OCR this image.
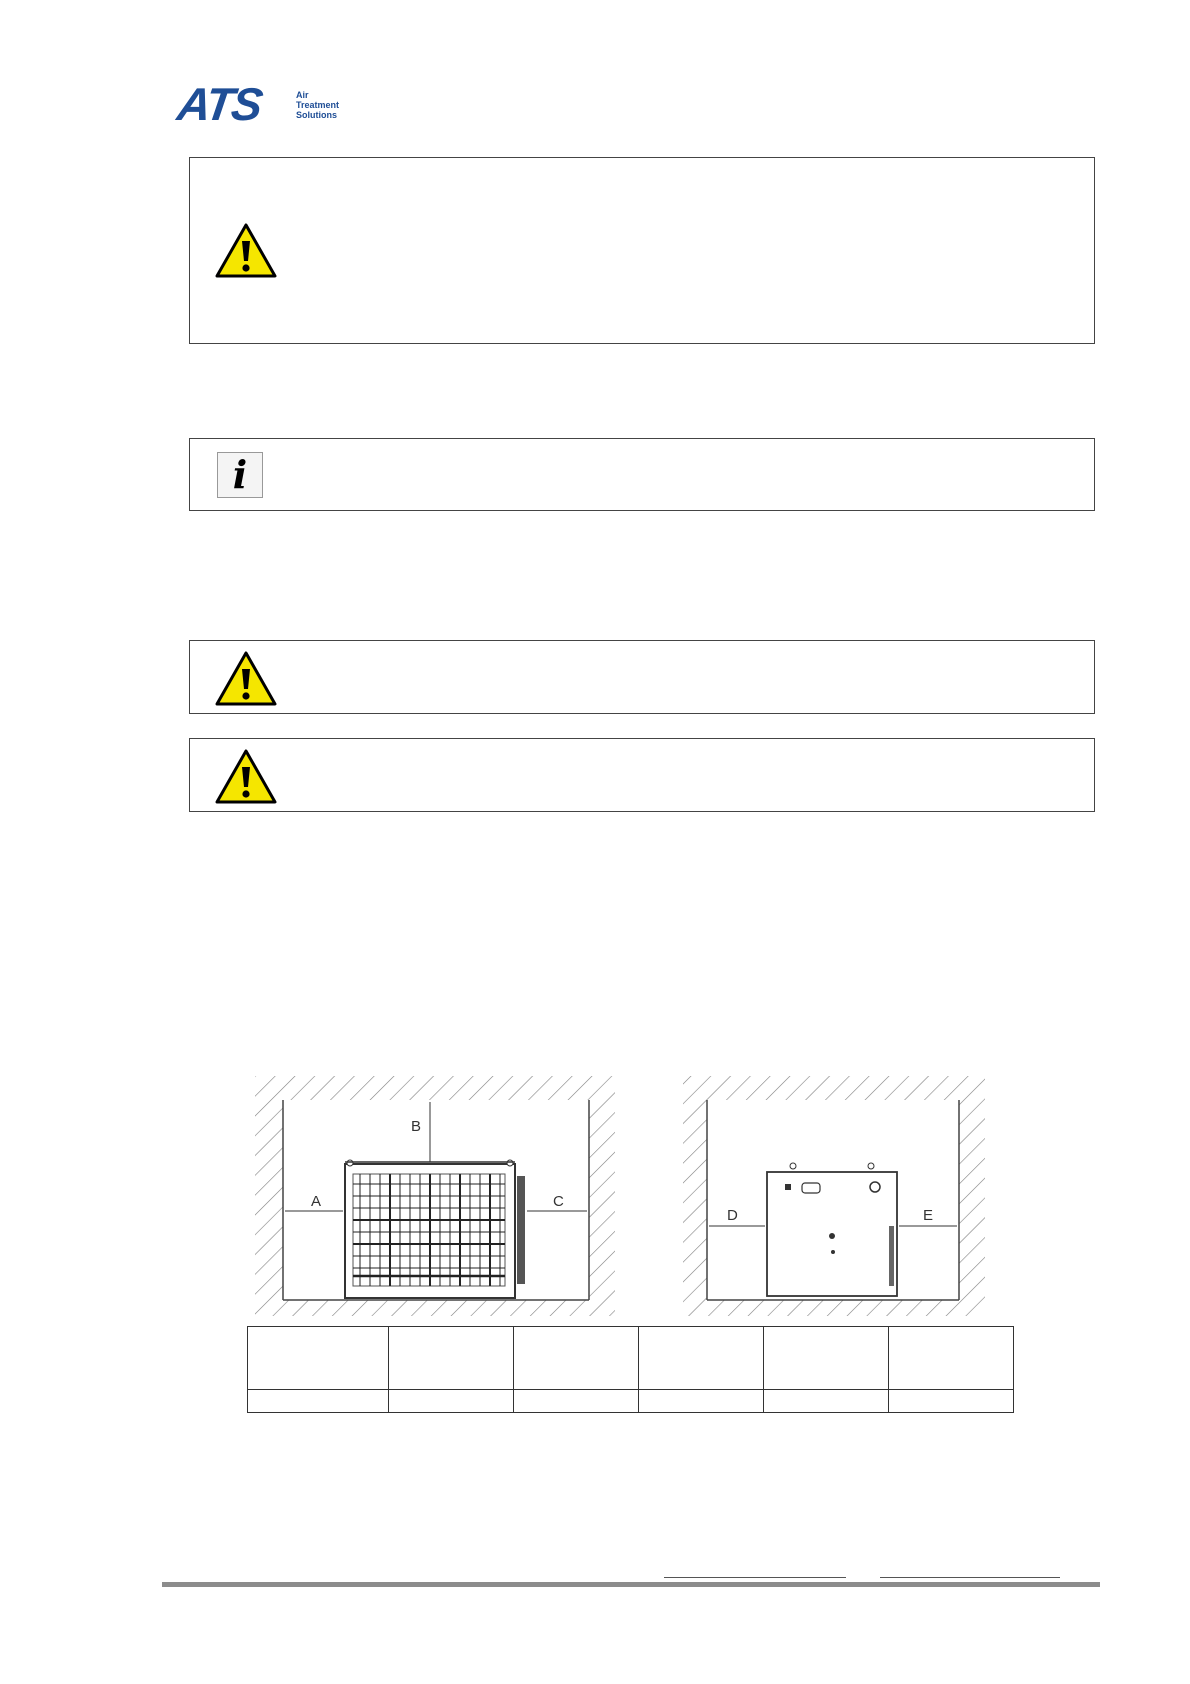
ATS	Air
Treatment
Solutions
i
A
B
C
D	E
